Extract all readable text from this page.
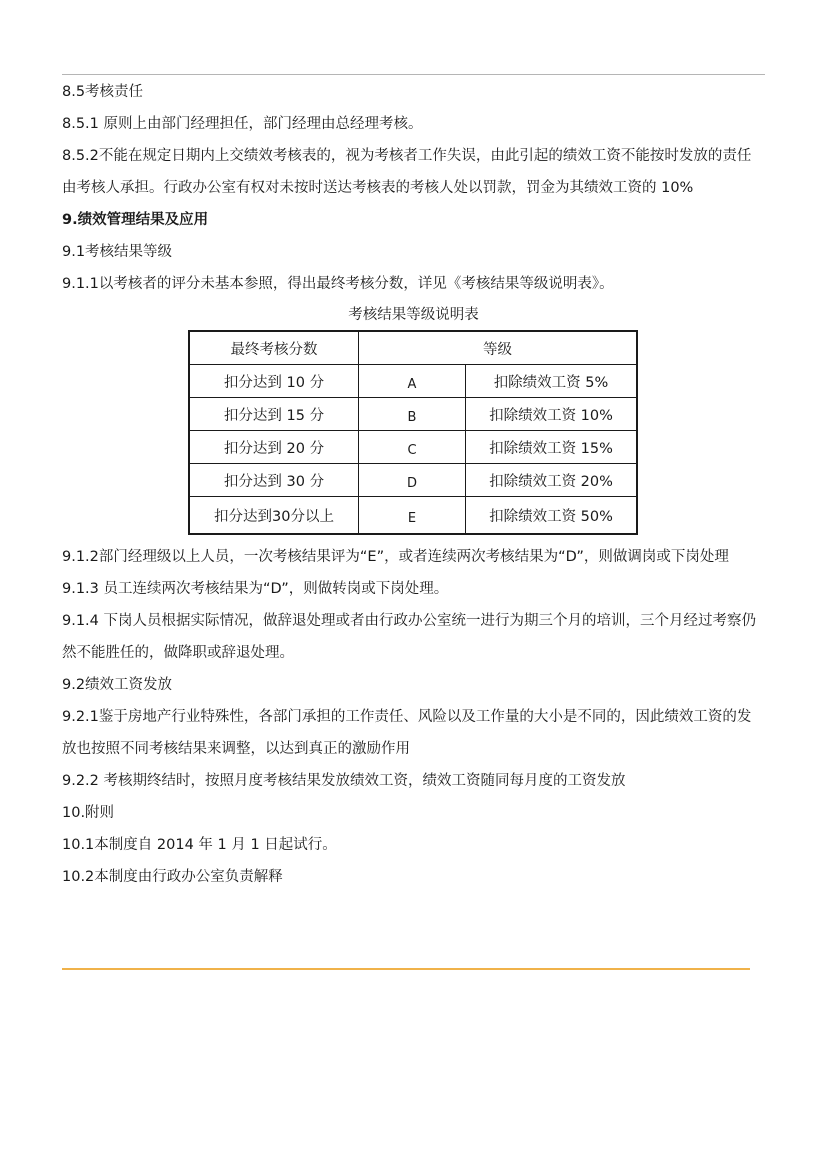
8.5考核责任
8.5.1 原则上由部门经理担任，部门经理由总经理考核。
8.5.2不能在规定日期内上交绩效考核表的，视为考核者工作失误，由此引起的绩效工资不能按时发放的责任由考核人承担。行政办公室有权对未按时送达考核表的考核人处以罚款，罚金为其绩效工资的 10%
9.绩效管理结果及应用
9.1考核结果等级
9.1.1以考核者的评分未基本参照，得出最终考核分数，详见《考核结果等级说明表》。
考核结果等级说明表
最终考核分数	等级	
扣分达到 10 分	A	扣除绩效工资 5%
扣分达到 15 分	B	扣除绩效工资 10%
扣分达到 20 分	C	扣除绩效工资 15%
扣分达到 30 分	D	扣除绩效工资 20%
扣分达到30分以上	E	扣除绩效工资 50%
9.1.2部门经理级以上人员，一次考核结果评为“E”，或者连续两次考核结果为“D”，则做调岗或下岗处理
9.1.3 员工连续两次考核结果为“D”，则做转岗或下岗处理。
9.1.4 下岗人员根据实际情况，做辞退处理或者由行政办公室统一进行为期三个月的培训，三个月经过考察仍然不能胜任的，做降职或辞退处理。
9.2绩效工资发放
9.2.1鉴于房地产行业特殊性，各部门承担的工作责任、风险以及工作量的大小是不同的，因此绩效工资的发放也按照不同考核结果来调整，以达到真正的激励作用
9.2.2 考核期终结时，按照月度考核结果发放绩效工资，绩效工资随同每月度的工资发放
10.附则
10.1本制度自 2014 年 1 月 1 日起试行。
10.2本制度由行政办公室负责解释
